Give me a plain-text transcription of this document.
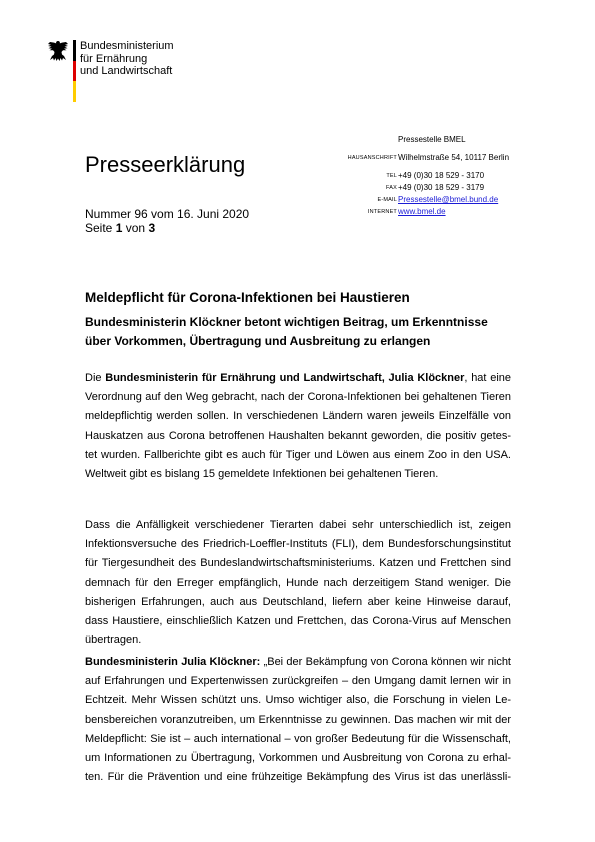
Bundesministerium
für Ernährung
und Landwirtschaft
Presseerklärung
Nummer 96 vom 16. Juni 2020
Seite 1 von 3
Pressestelle BMEL
HAUSANSCHRIFT Wilhelmstraße 54, 10117 Berlin
TEL +49 (0)30 18 529 - 3170
FAX +49 (0)30 18 529 - 3179
E-MAIL Pressestelle@bmel.bund.de
INTERNET www.bmel.de
Meldepflicht für Corona-Infektionen bei Haustieren
Bundesministerin Klöckner betont wichtigen Beitrag, um Erkenntnisse
über Vorkommen, Übertragung und Ausbreitung zu erlangen
Die Bundesministerin für Ernährung und Landwirtschaft, Julia Klöckner, hat eine
Verordnung auf den Weg gebracht, nach der Corona-Infektionen bei gehaltenen Tieren
meldepflichtig werden sollen. In verschiedenen Ländern waren jeweils Einzelfälle von
Hauskatzen aus Corona betroffenen Haushalten bekannt geworden, die positiv getes-
tet wurden. Fallberichte gibt es auch für Tiger und Löwen aus einem Zoo in den USA.
Weltweit gibt es bislang 15 gemeldete Infektionen bei gehaltenen Tieren.
Dass die Anfälligkeit verschiedener Tierarten dabei sehr unterschiedlich ist, zeigen
Infektionsversuche des Friedrich-Loeffler-Instituts (FLI), dem Bundesforschungsinstitut
für Tiergesundheit des Bundeslandwirtschaftsministeriums. Katzen und Frettchen sind
demnach für den Erreger empfänglich, Hunde nach derzeitigem Stand weniger. Die
bisherigen Erfahrungen, auch aus Deutschland, liefern aber keine Hinweise darauf,
dass Haustiere, einschließlich Katzen und Frettchen, das Corona-Virus auf Menschen
übertragen.
Bundesministerin Julia Klöckner: „Bei der Bekämpfung von Corona können wir nicht
auf Erfahrungen und Expertenwissen zurückgreifen – den Umgang damit lernen wir in
Echtzeit. Mehr Wissen schützt uns. Umso wichtiger also, die Forschung in vielen Le-
bensbereichen voranzutreiben, um Erkenntnisse zu gewinnen. Das machen wir mit der
Meldepflicht: Sie ist – auch international – von großer Bedeutung für die Wissenschaft,
um Informationen zu Übertragung, Vorkommen und Ausbreitung von Corona zu erhal-
ten. Für die Prävention und eine frühzeitige Bekämpfung des Virus ist das unerlässli-
